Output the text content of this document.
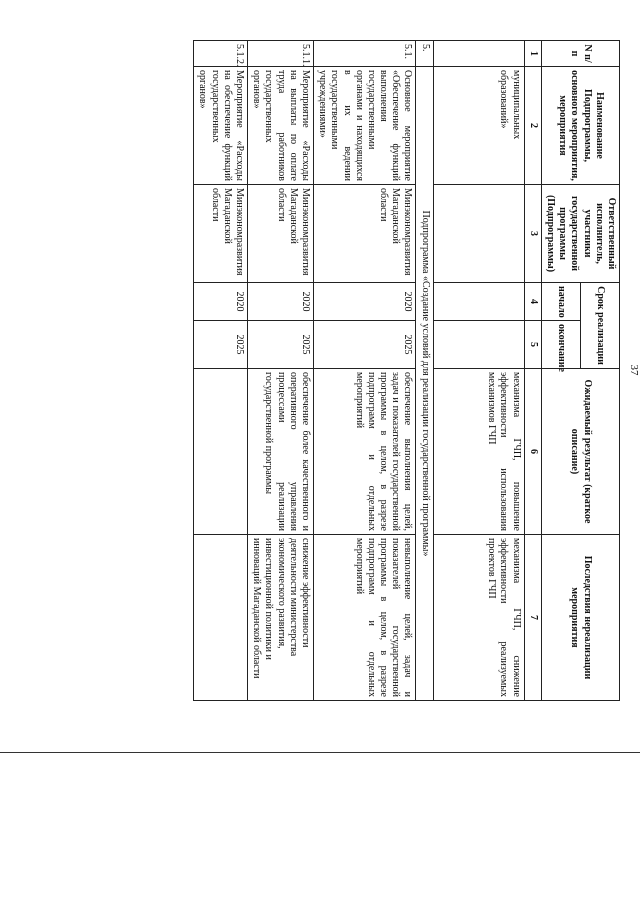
37
N п/п	Наименование Подпрограммы, основного мероприятия, мероприятия	Ответственный исполнитель, участники государственной программы (Подпрограммы)	Срок реализации		Ожидаемый результат (краткое описание)	Последствия нереализации мероприятия
			начало	окончание		
1	2	3	4	5	6	7
	муниципальных образований»				механизма ГЧП, повышение эффективности использования механизмов ГЧП	механизма ГЧП, снижение эффективности реализуемых проектов ГЧП
5.	Подпрограмма «Создание условий для реализации государственной программы»					
5.1.	Основное мероприятие «Обеспечение функций выполнения государственными органами и находящихся в их ведении государственными учреждениями»	Минэкономразвития Магаданской области	2020	2025	обеспечение выполнения целей, задач и показателей государственной программы в целом, в разрезе подпрограмм и отдельных мероприятий	невыполнение целей, задач и показателей государственной программы в целом, в разрезе подпрограмм и отдельных мероприятий
5.1.1.	Мероприятие «Расходы на выплаты по оплате труда работников государственных органов»	Минэкономразвития Магаданской области	2020	2025	обеспечение более качественного и оперативного управления процессами реализации государственной программы	снижение эффективности деятельности министерства экономического развития, инвестиционной политики и инноваций Магаданской области
5.1.2.	Мероприятие «Расходы на обеспечение функций государственных органов»	Минэкономразвития Магаданской области	2020	2025		
